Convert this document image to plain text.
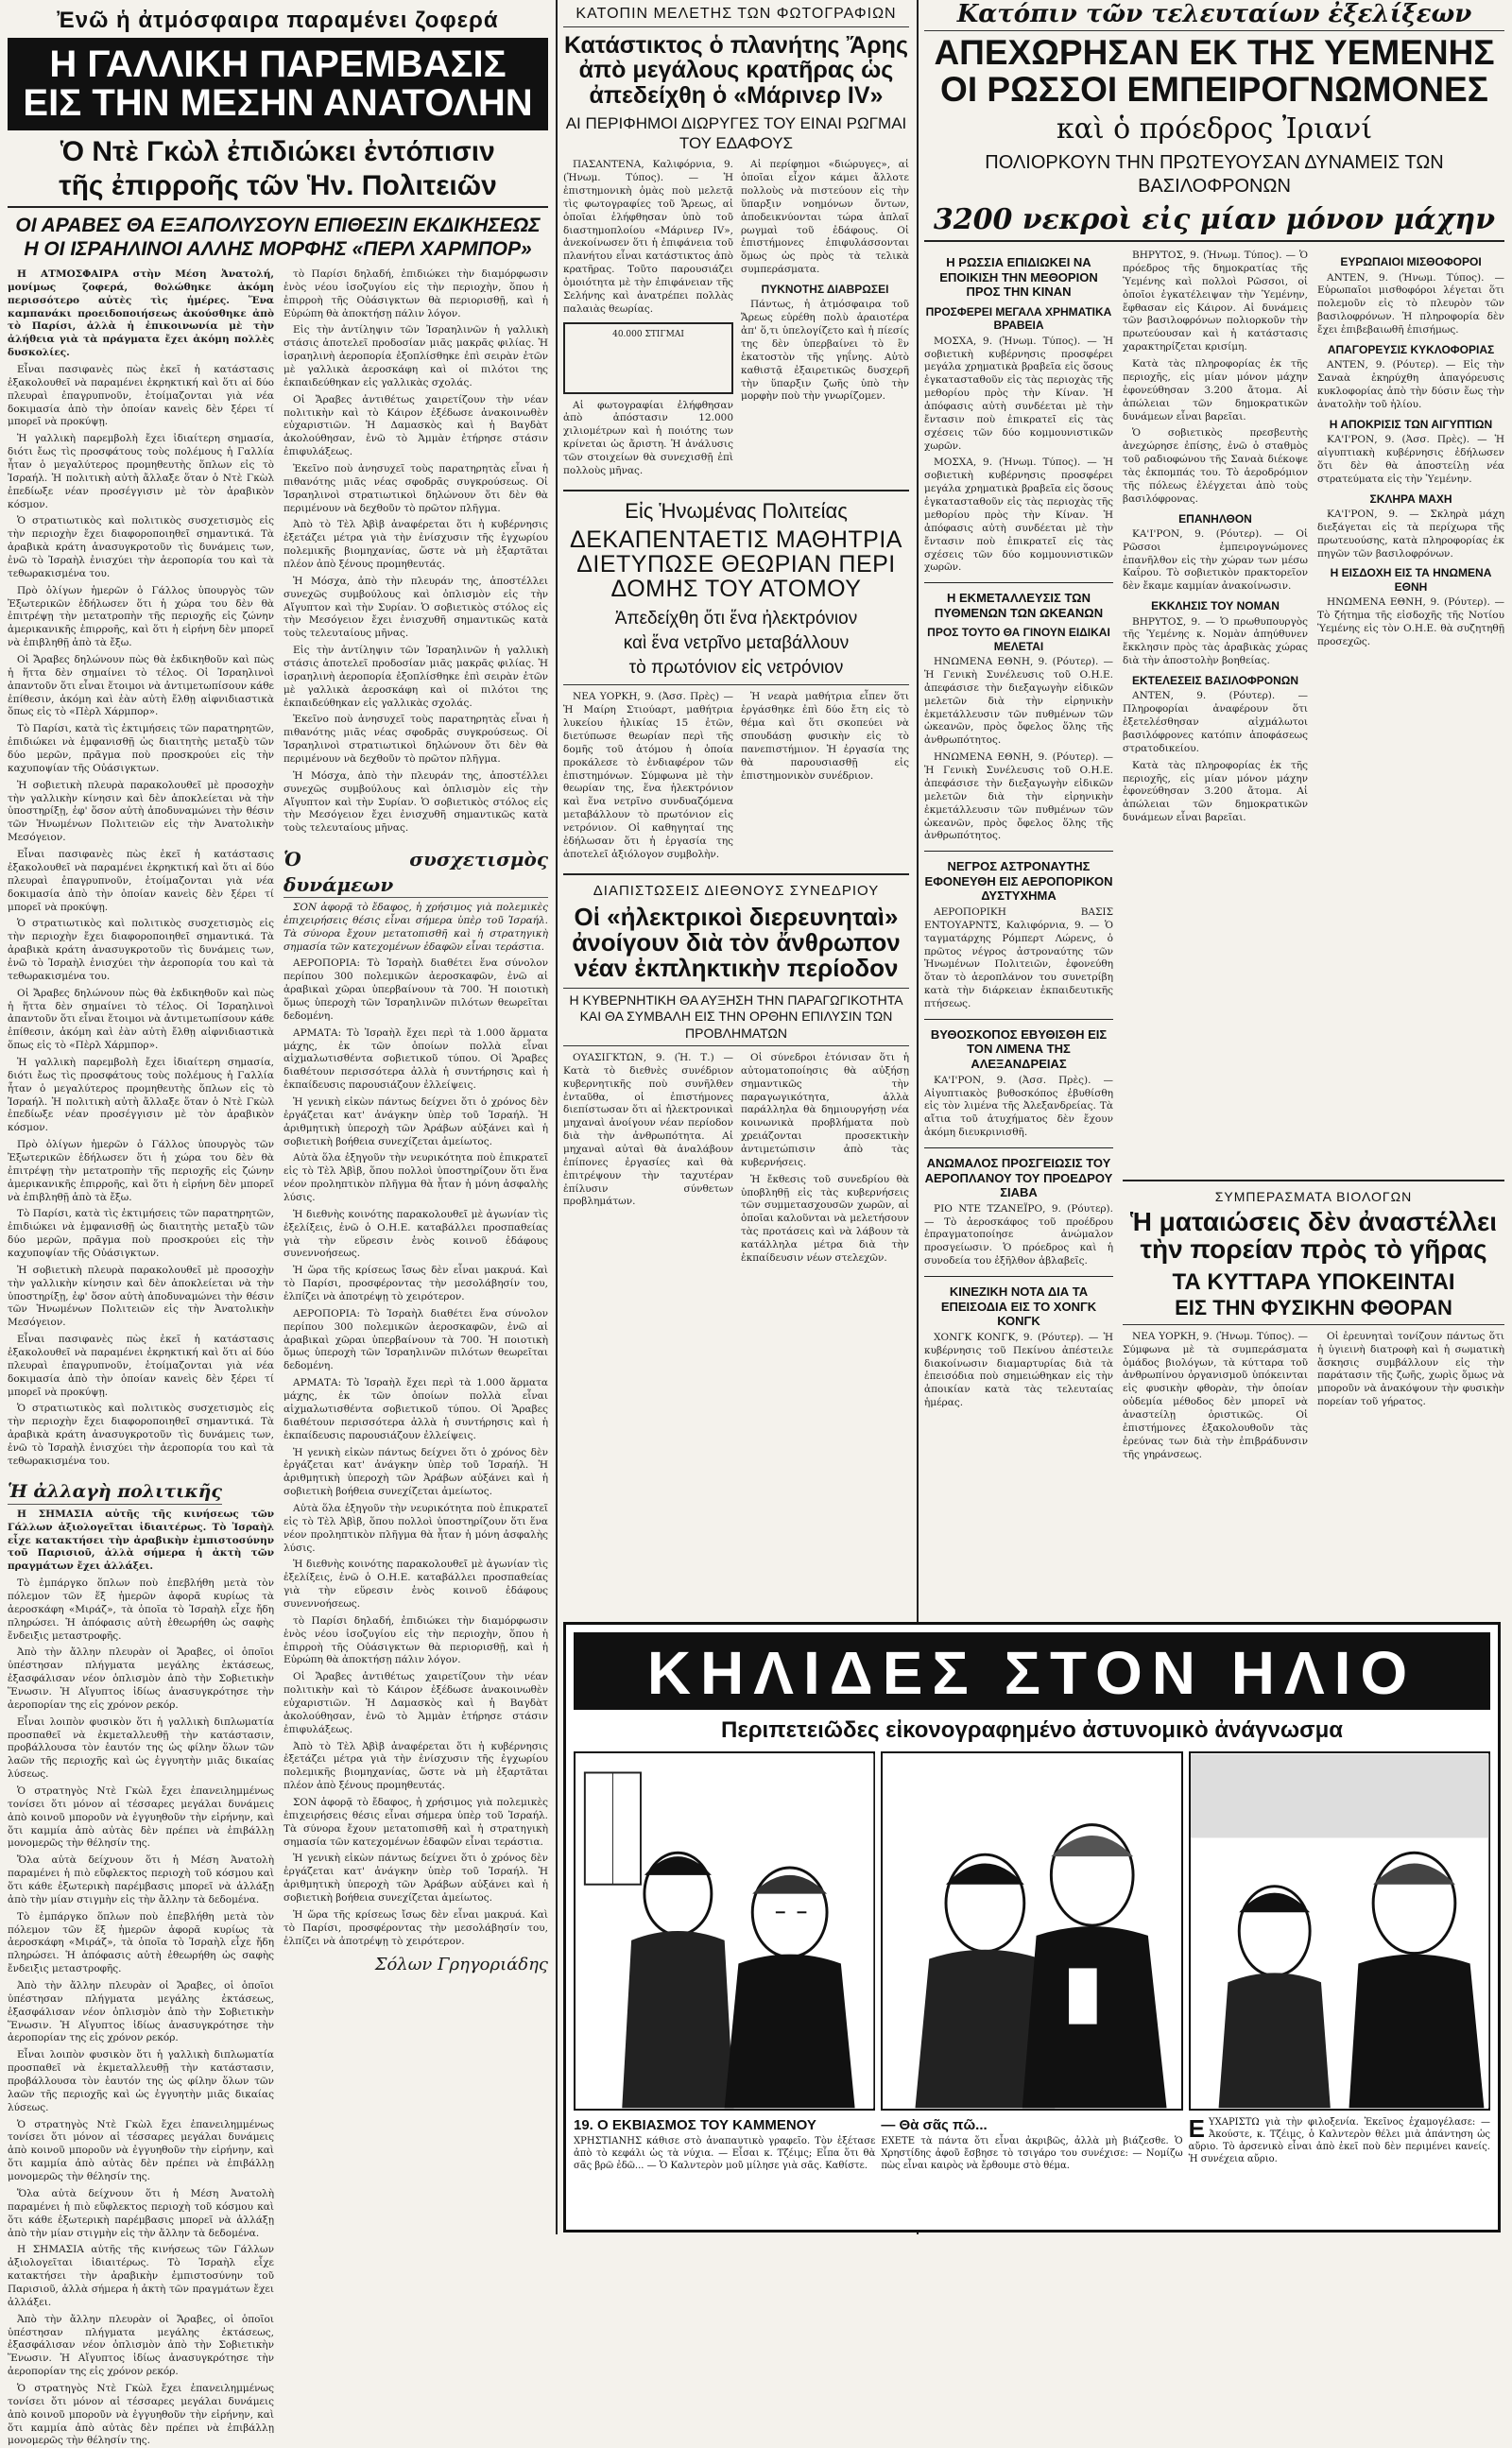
Ἐνῶ ἡ ἀτμόσφαιρα παραμένει ζοφερά
Η ΓΑΛΛΙΚΗ ΠΑΡΕΜΒΑΣΙΣ
ΕΙΣ ΤΗΝ ΜΕΣΗΝ ΑΝΑΤΟΛΗΝ
Ὁ Ντὲ Γκὼλ ἐπιδιώκει ἐντόπισιν
τῆς ἐπιρροῆς τῶν Ἡν. Πολιτειῶν
ΟΙ ΑΡΑΒΕΣ ΘΑ ΕΞΑΠΟΛΥΣΟΥΝ ΕΠΙΘΕΣΙΝ ΕΚΔΙΚΗΣΕΩΣ Η ΟΙ ΙΣΡΑΗΛΙΝΟΙ ΑΛΛΗΣ ΜΟΡΦΗΣ «ΠΕΡΛ ΧΑΡΜΠΟΡ»

Η ΑΤΜΟΣΦΑΙΡΑ στὴν Μέση Ἀνατολή, μονίμως ζοφερά, θολώθηκε ἀκόμη περισσότερο αὐτὲς τὶς ἡμέρες. Ἕνα καμπανάκι προειδοποιήσεως ἀκούσθηκε ἀπὸ τὸ Παρίσι, ἀλλὰ ἡ ἐπικοινωνία μὲ τὴν ἀλήθεια γιὰ τὰ πράγματα ἔχει ἀκόμη πολλὲς δυσκολίες.

Εἶναι πασιφανὲς πὼς ἐκεῖ ἡ κατάστασις ἐξακολουθεῖ νὰ παραμένει ἐκρηκτική καὶ ὅτι αἱ δύο πλευραὶ ἐπαγρυπνοῦν, ἑτοίμαζονται γιὰ νέα δοκιμασία ἀπὸ τὴν ὁποίαν κανεὶς δὲν ξέρει τί μπορεῖ νὰ προκύψῃ.

Ἡ γαλλικὴ παρεμβολὴ ἔχει ἰδιαίτερη σημασία, διότι ἔως τὶς προσφάτους τοὺς πολέμους ἡ Γαλλία ἦταν ὁ μεγαλύτερος προμηθευτὴς ὅπλων εἰς τὸ Ἰσραήλ. Ἡ πολιτικὴ αὐτὴ ἄλλαξε ὅταν ὁ Ντὲ Γκὼλ ἐπεδίωξε νέαν προσέγγισιν μὲ τὸν ἀραβικὸν κόσμον.

Ὁ στρατιωτικὸς καὶ πολιτικὸς συσχετισμὸς εἰς τὴν περιοχὴν ἔχει διαφοροποιηθεῖ σημαντικά. Τὰ ἀραβικὰ κράτη ἀνασυγκροτοῦν τὶς δυνάμεις των, ἐνῶ τὸ Ἰσραὴλ ἐνισχύει τὴν ἀεροπορία του καὶ τὰ τεθωρακισμένα του.

Πρὸ ὀλίγων ἡμερῶν ὁ Γάλλος ὑπουργὸς τῶν Ἐξωτερικῶν ἐδήλωσεν ὅτι ἡ χώρα του δὲν θὰ ἐπιτρέψῃ τὴν μετατροπὴν τῆς περιοχῆς εἰς ζώνην ἀμερικανικῆς ἐπιρροῆς, καὶ ὅτι ἡ εἰρήνη δὲν μπορεῖ νὰ ἐπιβληθῇ ἀπὸ τὰ ἔξω.

Οἱ Ἄραβες δηλώνουν πὼς θὰ ἐκδικηθοῦν καὶ πὼς ἡ ἥττα δὲν σημαίνει τὸ τέλος. Οἱ Ἰσραηλινοὶ ἀπαντοῦν ὅτι εἶναι ἕτοιμοι νὰ ἀντιμετωπίσουν κάθε ἐπίθεσιν, ἀκόμη καὶ ἐὰν αὐτὴ ἔλθῃ αἰφνιδιαστικὰ ὅπως εἰς τὸ «Πὲρλ Χάρμπορ».

Τὸ Παρίσι, κατὰ τὶς ἐκτιμήσεις τῶν παρατηρητῶν, ἐπιδιώκει νὰ ἐμφανισθῇ ὡς διαιτητὴς μεταξὺ τῶν δύο μερῶν, πρᾶγμα ποὺ προσκρούει εἰς τὴν καχυποψίαν τῆς Οὐάσιγκτων.

Ἡ σοβιετικὴ πλευρὰ παρακολουθεῖ μὲ προσοχὴν τὴν γαλλικὴν κίνησιν καὶ δὲν ἀποκλείεται νὰ τὴν ὑποστηρίξῃ, ἐφ' ὅσον αὐτὴ ἀποδυναμώνει τὴν θέσιν τῶν Ἡνωμένων Πολιτειῶν εἰς τὴν Ἀνατολικὴν Μεσόγειον.

Εἶναι πασιφανὲς πὼς ἐκεῖ ἡ κατάστασις ἐξακολουθεῖ νὰ παραμένει ἐκρηκτική καὶ ὅτι αἱ δύο πλευραὶ ἐπαγρυπνοῦν, ἑτοίμαζονται γιὰ νέα δοκιμασία ἀπὸ τὴν ὁποίαν κανεὶς δὲν ξέρει τί μπορεῖ νὰ προκύψῃ.

Ὁ στρατιωτικὸς καὶ πολιτικὸς συσχετισμὸς εἰς τὴν περιοχὴν ἔχει διαφοροποιηθεῖ σημαντικά. Τὰ ἀραβικὰ κράτη ἀνασυγκροτοῦν τὶς δυνάμεις των, ἐνῶ τὸ Ἰσραὴλ ἐνισχύει τὴν ἀεροπορία του καὶ τὰ τεθωρακισμένα του.

Οἱ Ἄραβες δηλώνουν πὼς θὰ ἐκδικηθοῦν καὶ πὼς ἡ ἥττα δὲν σημαίνει τὸ τέλος. Οἱ Ἰσραηλινοὶ ἀπαντοῦν ὅτι εἶναι ἕτοιμοι νὰ ἀντιμετωπίσουν κάθε ἐπίθεσιν, ἀκόμη καὶ ἐὰν αὐτὴ ἔλθῃ αἰφνιδιαστικὰ ὅπως εἰς τὸ «Πὲρλ Χάρμπορ».

Ἡ γαλλικὴ παρεμβολὴ ἔχει ἰδιαίτερη σημασία, διότι ἔως τὶς προσφάτους τοὺς πολέμους ἡ Γαλλία ἦταν ὁ μεγαλύτερος προμηθευτὴς ὅπλων εἰς τὸ Ἰσραήλ. Ἡ πολιτικὴ αὐτὴ ἄλλαξε ὅταν ὁ Ντὲ Γκὼλ ἐπεδίωξε νέαν προσέγγισιν μὲ τὸν ἀραβικὸν κόσμον.

Πρὸ ὀλίγων ἡμερῶν ὁ Γάλλος ὑπουργὸς τῶν Ἐξωτερικῶν ἐδήλωσεν ὅτι ἡ χώρα του δὲν θὰ ἐπιτρέψῃ τὴν μετατροπὴν τῆς περιοχῆς εἰς ζώνην ἀμερικανικῆς ἐπιρροῆς, καὶ ὅτι ἡ εἰρήνη δὲν μπορεῖ νὰ ἐπιβληθῇ ἀπὸ τὰ ἔξω.

Τὸ Παρίσι, κατὰ τὶς ἐκτιμήσεις τῶν παρατηρητῶν, ἐπιδιώκει νὰ ἐμφανισθῇ ὡς διαιτητὴς μεταξὺ τῶν δύο μερῶν, πρᾶγμα ποὺ προσκρούει εἰς τὴν καχυποψίαν τῆς Οὐάσιγκτων.

Ἡ σοβιετικὴ πλευρὰ παρακολουθεῖ μὲ προσοχὴν τὴν γαλλικὴν κίνησιν καὶ δὲν ἀποκλείεται νὰ τὴν ὑποστηρίξῃ, ἐφ' ὅσον αὐτὴ ἀποδυναμώνει τὴν θέσιν τῶν Ἡνωμένων Πολιτειῶν εἰς τὴν Ἀνατολικὴν Μεσόγειον.

Εἶναι πασιφανὲς πὼς ἐκεῖ ἡ κατάστασις ἐξακολουθεῖ νὰ παραμένει ἐκρηκτική καὶ ὅτι αἱ δύο πλευραὶ ἐπαγρυπνοῦν, ἑτοίμαζονται γιὰ νέα δοκιμασία ἀπὸ τὴν ὁποίαν κανεὶς δὲν ξέρει τί μπορεῖ νὰ προκύψῃ.

Ὁ στρατιωτικὸς καὶ πολιτικὸς συσχετισμὸς εἰς τὴν περιοχὴν ἔχει διαφοροποιηθεῖ σημαντικά. Τὰ ἀραβικὰ κράτη ἀνασυγκροτοῦν τὶς δυνάμεις των, ἐνῶ τὸ Ἰσραὴλ ἐνισχύει τὴν ἀεροπορία του καὶ τὰ τεθωρακισμένα του.

Ἡ ἀλλαγὴ πολιτικῆς

Η ΣΗΜΑΣΙΑ αὐτῆς τῆς κινήσεως τῶν Γάλλων ἀξιολογεῖται ἰδιαιτέρως. Τὸ Ἰσραὴλ εἶχε κατακτήσει τὴν ἀραβικὴν ἐμπιστοσύνην τοῦ Παρισιοῦ, ἀλλὰ σήμερα ἡ ἀκτὴ τῶν πραγμάτων ἔχει ἀλλάξει.

Τὸ ἐμπάργκο ὅπλων ποὺ ἐπεβλήθη μετὰ τὸν πόλεμον τῶν ἕξ ἡμερῶν ἀφορᾶ κυρίως τὰ ἀεροσκάφη «Μιράζ», τὰ ὁποῖα τὸ Ἰσραὴλ εἶχε ἤδη πληρώσει. Ἡ ἀπόφασις αὐτὴ ἐθεωρήθη ὡς σαφὴς ἔνδειξις μεταστροφῆς.

Ἀπὸ τὴν ἄλλην πλευρὰν οἱ Ἄραβες, οἱ ὁποῖοι ὑπέστησαν πλήγματα μεγάλης ἐκτάσεως, ἐξασφάλισαν νέον ὁπλισμὸν ἀπὸ τὴν Σοβιετικὴν Ἕνωσιν. Ἡ Αἴγυπτος ἰδίως ἀνασυγκρότησε τὴν ἀεροπορίαν της εἰς χρόνον ρεκόρ.

Εἶναι λοιπὸν φυσικὸν ὅτι ἡ γαλλικὴ διπλωματία προσπαθεῖ νὰ ἐκμεταλλευθῇ τὴν κατάστασιν, προβάλλουσα τὸν ἑαυτόν της ὡς φίλην ὅλων τῶν λαῶν τῆς περιοχῆς καὶ ὡς ἐγγυητὴν μιᾶς δικαίας λύσεως.

Ὁ στρατηγὸς Ντὲ Γκὼλ ἔχει ἐπανειλημμένως τονίσει ὅτι μόνον αἱ τέσσαρες μεγάλαι δυνάμεις ἀπὸ κοινοῦ μποροῦν νὰ ἐγγυηθοῦν τὴν εἰρήνην, καὶ ὅτι καμμία ἀπὸ αὐτὰς δὲν πρέπει νὰ ἐπιβάλλῃ μονομερῶς τὴν θέλησίν της.

Ὅλα αὐτὰ δείχνουν ὅτι ἡ Μέση Ἀνατολὴ παραμένει ἡ πιὸ εὔφλεκτος περιοχὴ τοῦ κόσμου καὶ ὅτι κάθε ἐξωτερικὴ παρέμβασις μπορεῖ νὰ ἀλλάξῃ ἀπὸ τὴν μίαν στιγμὴν εἰς τὴν ἄλλην τὰ δεδομένα.

Τὸ ἐμπάργκο ὅπλων ποὺ ἐπεβλήθη μετὰ τὸν πόλεμον τῶν ἕξ ἡμερῶν ἀφορᾶ κυρίως τὰ ἀεροσκάφη «Μιράζ», τὰ ὁποῖα τὸ Ἰσραὴλ εἶχε ἤδη πληρώσει. Ἡ ἀπόφασις αὐτὴ ἐθεωρήθη ὡς σαφὴς ἔνδειξις μεταστροφῆς.

Ἀπὸ τὴν ἄλλην πλευρὰν οἱ Ἄραβες, οἱ ὁποῖοι ὑπέστησαν πλήγματα μεγάλης ἐκτάσεως, ἐξασφάλισαν νέον ὁπλισμὸν ἀπὸ τὴν Σοβιετικὴν Ἕνωσιν. Ἡ Αἴγυπτος ἰδίως ἀνασυγκρότησε τὴν ἀεροπορίαν της εἰς χρόνον ρεκόρ.

Εἶναι λοιπὸν φυσικὸν ὅτι ἡ γαλλικὴ διπλωματία προσπαθεῖ νὰ ἐκμεταλλευθῇ τὴν κατάστασιν, προβάλλουσα τὸν ἑαυτόν της ὡς φίλην ὅλων τῶν λαῶν τῆς περιοχῆς καὶ ὡς ἐγγυητὴν μιᾶς δικαίας λύσεως.

Ὁ στρατηγὸς Ντὲ Γκὼλ ἔχει ἐπανειλημμένως τονίσει ὅτι μόνον αἱ τέσσαρες μεγάλαι δυνάμεις ἀπὸ κοινοῦ μποροῦν νὰ ἐγγυηθοῦν τὴν εἰρήνην, καὶ ὅτι καμμία ἀπὸ αὐτὰς δὲν πρέπει νὰ ἐπιβάλλῃ μονομερῶς τὴν θέλησίν της.

Ὅλα αὐτὰ δείχνουν ὅτι ἡ Μέση Ἀνατολὴ παραμένει ἡ πιὸ εὔφλεκτος περιοχὴ τοῦ κόσμου καὶ ὅτι κάθε ἐξωτερικὴ παρέμβασις μπορεῖ νὰ ἀλλάξῃ ἀπὸ τὴν μίαν στιγμὴν εἰς τὴν ἄλλην τὰ δεδομένα.

Η ΣΗΜΑΣΙΑ αὐτῆς τῆς κινήσεως τῶν Γάλλων ἀξιολογεῖται ἰδιαιτέρως. Τὸ Ἰσραὴλ εἶχε κατακτήσει τὴν ἀραβικὴν ἐμπιστοσύνην τοῦ Παρισιοῦ, ἀλλὰ σήμερα ἡ ἀκτὴ τῶν πραγμάτων ἔχει ἀλλάξει.

Ἀπὸ τὴν ἄλλην πλευρὰν οἱ Ἄραβες, οἱ ὁποῖοι ὑπέστησαν πλήγματα μεγάλης ἐκτάσεως, ἐξασφάλισαν νέον ὁπλισμὸν ἀπὸ τὴν Σοβιετικὴν Ἕνωσιν. Ἡ Αἴγυπτος ἰδίως ἀνασυγκρότησε τὴν ἀεροπορίαν της εἰς χρόνον ρεκόρ.

Ὁ στρατηγὸς Ντὲ Γκὼλ ἔχει ἐπανειλημμένως τονίσει ὅτι μόνον αἱ τέσσαρες μεγάλαι δυνάμεις ἀπὸ κοινοῦ μποροῦν νὰ ἐγγυηθοῦν τὴν εἰρήνην, καὶ ὅτι καμμία ἀπὸ αὐτὰς δὲν πρέπει νὰ ἐπιβάλλῃ μονομερῶς τὴν θέλησίν της.

τὸ Παρίσι δηλαδή, ἐπιδιώκει τὴν διαμόρφωσιν ἑνὸς νέου ἰσοζυγίου εἰς τὴν περιοχὴν, ὅπου ἡ ἐπιρροὴ τῆς Οὐάσιγκτων θὰ περιορισθῇ, καὶ ἡ Εὐρώπη θὰ ἀποκτήσῃ πάλιν λόγον.

Εἰς τὴν ἀντίληψιν τῶν Ἰσραηλινῶν ἡ γαλλικὴ στάσις ἀποτελεῖ προδοσίαν μιᾶς μακρᾶς φιλίας. Ἡ ἰσραηλινὴ ἀεροπορία ἐξοπλίσθηκε ἐπὶ σειρὰν ἐτῶν μὲ γαλλικὰ ἀεροσκάφη καὶ οἱ πιλότοι της ἐκπαιδεύθηκαν εἰς γαλλικὰς σχολάς.

Οἱ Ἄραβες ἀντιθέτως χαιρετίζουν τὴν νέαν πολιτικὴν καὶ τὸ Κάιρον ἐξέδωσε ἀνακοινωθὲν εὐχαριστιῶν. Ἡ Δαμασκὸς καὶ ἡ Βαγδὰτ ἀκολούθησαν, ἐνῶ τὸ Ἀμμὰν ἐτήρησε στάσιν ἐπιφυλάξεως.

Ἐκεῖνο ποὺ ἀνησυχεῖ τοὺς παρατηρητὰς εἶναι ἡ πιθανότης μιᾶς νέας σφοδρᾶς συγκρούσεως. Οἱ Ἰσραηλινοὶ στρατιωτικοὶ δηλώνουν ὅτι δὲν θὰ περιμένουν νὰ δεχθοῦν τὸ πρῶτον πλῆγμα.

Ἀπὸ τὸ Τὲλ Ἀβὶβ ἀναφέρεται ὅτι ἡ κυβέρνησις ἐξετάζει μέτρα γιὰ τὴν ἐνίσχυσιν τῆς ἐγχωρίου πολεμικῆς βιομηχανίας, ὥστε νὰ μὴ ἐξαρτᾶται πλέον ἀπὸ ξένους προμηθευτάς.

Ἡ Μόσχα, ἀπὸ τὴν πλευράν της, ἀποστέλλει συνεχῶς συμβούλους καὶ ὁπλισμὸν εἰς τὴν Αἴγυπτον καὶ τὴν Συρίαν. Ὁ σοβιετικὸς στόλος εἰς τὴν Μεσόγειον ἔχει ἐνισχυθῆ σημαντικῶς κατὰ τοὺς τελευταίους μῆνας.

Εἰς τὴν ἀντίληψιν τῶν Ἰσραηλινῶν ἡ γαλλικὴ στάσις ἀποτελεῖ προδοσίαν μιᾶς μακρᾶς φιλίας. Ἡ ἰσραηλινὴ ἀεροπορία ἐξοπλίσθηκε ἐπὶ σειρὰν ἐτῶν μὲ γαλλικὰ ἀεροσκάφη καὶ οἱ πιλότοι της ἐκπαιδεύθηκαν εἰς γαλλικὰς σχολάς.

Ἐκεῖνο ποὺ ἀνησυχεῖ τοὺς παρατηρητὰς εἶναι ἡ πιθανότης μιᾶς νέας σφοδρᾶς συγκρούσεως. Οἱ Ἰσραηλινοὶ στρατιωτικοὶ δηλώνουν ὅτι δὲν θὰ περιμένουν νὰ δεχθοῦν τὸ πρῶτον πλῆγμα.

Ἡ Μόσχα, ἀπὸ τὴν πλευράν της, ἀποστέλλει συνεχῶς συμβούλους καὶ ὁπλισμὸν εἰς τὴν Αἴγυπτον καὶ τὴν Συρίαν. Ὁ σοβιετικὸς στόλος εἰς τὴν Μεσόγειον ἔχει ἐνισχυθῆ σημαντικῶς κατὰ τοὺς τελευταίους μῆνας.

Ὁ συσχετισμὸς δυνάμεων

ΣΟΝ ἀφορᾷ τὸ ἔδαφος, ἡ χρήσιμος γιὰ πολεμικὲς ἐπιχειρήσεις θέσις εἶναι σήμερα ὑπὲρ τοῦ Ἰσραήλ. Τὰ σύνορα ἔχουν μετατοπισθῆ καὶ ἡ στρατηγικὴ σημασία τῶν κατεχομένων ἐδαφῶν εἶναι τεράστια.

ΑΕΡΟΠΟΡΙΑ: Τὸ Ἰσραὴλ διαθέτει ἕνα σύνολον περίπου 300 πολεμικῶν ἀεροσκαφῶν, ἐνῶ αἱ ἀραβικαὶ χῶραι ὑπερβαίνουν τὰ 700. Ἡ ποιοτικὴ ὅμως ὑπεροχὴ τῶν Ἰσραηλινῶν πιλότων θεωρεῖται δεδομένη.

ΑΡΜΑΤΑ: Τὸ Ἰσραὴλ ἔχει περὶ τὰ 1.000 ἅρματα μάχης, ἐκ τῶν ὁποίων πολλὰ εἶναι αἰχμαλωτισθέντα σοβιετικοῦ τύπου. Οἱ Ἄραβες διαθέτουν περισσότερα ἀλλὰ ἡ συντήρησις καὶ ἡ ἐκπαίδευσις παρουσιάζουν ἐλλείψεις.

Ἡ γενικὴ εἰκὼν πάντως δείχνει ὅτι ὁ χρόνος δὲν ἐργάζεται κατ' ἀνάγκην ὑπὲρ τοῦ Ἰσραήλ. Ἡ ἀριθμητικὴ ὑπεροχὴ τῶν Ἀράβων αὐξάνει καὶ ἡ σοβιετικὴ βοήθεια συνεχίζεται ἀμείωτος.

Αὐτὰ ὅλα ἐξηγοῦν τὴν νευρικότητα ποὺ ἐπικρατεῖ εἰς τὸ Τὲλ Ἀβὶβ, ὅπου πολλοὶ ὑποστηρίζουν ὅτι ἕνα νέον προληπτικὸν πλῆγμα θὰ ἦταν ἡ μόνη ἀσφαλὴς λύσις.

Ἡ διεθνὴς κοινότης παρακολουθεῖ μὲ ἀγωνίαν τὶς ἐξελίξεις, ἐνῶ ὁ Ο.Η.Ε. καταβάλλει προσπαθείας γιὰ τὴν εὕρεσιν ἑνὸς κοινοῦ ἐδάφους συνεννοήσεως.

Ἡ ὥρα τῆς κρίσεως ἴσως δὲν εἶναι μακρυά. Καὶ τὸ Παρίσι, προσφέροντας τὴν μεσολάβησίν του, ἐλπίζει νὰ ἀποτρέψῃ τὸ χειρότερον.

ΑΕΡΟΠΟΡΙΑ: Τὸ Ἰσραὴλ διαθέτει ἕνα σύνολον περίπου 300 πολεμικῶν ἀεροσκαφῶν, ἐνῶ αἱ ἀραβικαὶ χῶραι ὑπερβαίνουν τὰ 700. Ἡ ποιοτικὴ ὅμως ὑπεροχὴ τῶν Ἰσραηλινῶν πιλότων θεωρεῖται δεδομένη.

ΑΡΜΑΤΑ: Τὸ Ἰσραὴλ ἔχει περὶ τὰ 1.000 ἅρματα μάχης, ἐκ τῶν ὁποίων πολλὰ εἶναι αἰχμαλωτισθέντα σοβιετικοῦ τύπου. Οἱ Ἄραβες διαθέτουν περισσότερα ἀλλὰ ἡ συντήρησις καὶ ἡ ἐκπαίδευσις παρουσιάζουν ἐλλείψεις.

Ἡ γενικὴ εἰκὼν πάντως δείχνει ὅτι ὁ χρόνος δὲν ἐργάζεται κατ' ἀνάγκην ὑπὲρ τοῦ Ἰσραήλ. Ἡ ἀριθμητικὴ ὑπεροχὴ τῶν Ἀράβων αὐξάνει καὶ ἡ σοβιετικὴ βοήθεια συνεχίζεται ἀμείωτος.

Αὐτὰ ὅλα ἐξηγοῦν τὴν νευρικότητα ποὺ ἐπικρατεῖ εἰς τὸ Τὲλ Ἀβὶβ, ὅπου πολλοὶ ὑποστηρίζουν ὅτι ἕνα νέον προληπτικὸν πλῆγμα θὰ ἦταν ἡ μόνη ἀσφαλὴς λύσις.

Ἡ διεθνὴς κοινότης παρακολουθεῖ μὲ ἀγωνίαν τὶς ἐξελίξεις, ἐνῶ ὁ Ο.Η.Ε. καταβάλλει προσπαθείας γιὰ τὴν εὕρεσιν ἑνὸς κοινοῦ ἐδάφους συνεννοήσεως.

τὸ Παρίσι δηλαδή, ἐπιδιώκει τὴν διαμόρφωσιν ἑνὸς νέου ἰσοζυγίου εἰς τὴν περιοχὴν, ὅπου ἡ ἐπιρροὴ τῆς Οὐάσιγκτων θὰ περιορισθῇ, καὶ ἡ Εὐρώπη θὰ ἀποκτήσῃ πάλιν λόγον.

Οἱ Ἄραβες ἀντιθέτως χαιρετίζουν τὴν νέαν πολιτικὴν καὶ τὸ Κάιρον ἐξέδωσε ἀνακοινωθὲν εὐχαριστιῶν. Ἡ Δαμασκὸς καὶ ἡ Βαγδὰτ ἀκολούθησαν, ἐνῶ τὸ Ἀμμὰν ἐτήρησε στάσιν ἐπιφυλάξεως.

Ἀπὸ τὸ Τὲλ Ἀβὶβ ἀναφέρεται ὅτι ἡ κυβέρνησις ἐξετάζει μέτρα γιὰ τὴν ἐνίσχυσιν τῆς ἐγχωρίου πολεμικῆς βιομηχανίας, ὥστε νὰ μὴ ἐξαρτᾶται πλέον ἀπὸ ξένους προμηθευτάς.

ΣΟΝ ἀφορᾷ τὸ ἔδαφος, ἡ χρήσιμος γιὰ πολεμικὲς ἐπιχειρήσεις θέσις εἶναι σήμερα ὑπὲρ τοῦ Ἰσραήλ. Τὰ σύνορα ἔχουν μετατοπισθῆ καὶ ἡ στρατηγικὴ σημασία τῶν κατεχομένων ἐδαφῶν εἶναι τεράστια.

Ἡ γενικὴ εἰκὼν πάντως δείχνει ὅτι ὁ χρόνος δὲν ἐργάζεται κατ' ἀνάγκην ὑπὲρ τοῦ Ἰσραήλ. Ἡ ἀριθμητικὴ ὑπεροχὴ τῶν Ἀράβων αὐξάνει καὶ ἡ σοβιετικὴ βοήθεια συνεχίζεται ἀμείωτος.

Ἡ ὥρα τῆς κρίσεως ἴσως δὲν εἶναι μακρυά. Καὶ τὸ Παρίσι, προσφέροντας τὴν μεσολάβησίν του, ἐλπίζει νὰ ἀποτρέψῃ τὸ χειρότερον.

Σόλων Γρηγοριάδης
ΚΑΤΟΠΙΝ ΜΕΛΕΤΗΣ ΤΩΝ ΦΩΤΟΓΡΑΦΙΩΝ
Κατάστικτος ὁ πλανήτης Ἄρης ἀπὸ μεγάλους κρατῆρας ὡς ἀπεδείχθη ὁ «Μάρινερ IV»
ΑΙ ΠΕΡΙΦΗΜΟΙ ΔΙΩΡΥΓΕΣ ΤΟΥ ΕΙΝΑΙ ΡΩΓΜΑΙ ΤΟΥ ΕΔΑΦΟΥΣ

ΠΑΣΑΝΤΕΝΑ, Καλιφόρνια, 9. (Ἡνωμ. Τύπος). — Ἡ ἐπιστημονικὴ ὁμὰς ποὺ μελετᾷ τὶς φωτογραφίες τοῦ Ἄρεως, αἱ ὁποῖαι ἐλήφθησαν ὑπὸ τοῦ διαστημοπλοίου «Μάρινερ IV», ἀνεκοίνωσεν ὅτι ἡ ἐπιφάνεια τοῦ πλανήτου εἶναι κατάστικτος ἀπὸ κρατῆρας. Τοῦτο παρουσιάζει ὁμοιότητα μὲ τὴν ἐπιφάνειαν τῆς Σελήνης καὶ ἀνατρέπει πολλὰς παλαιὰς θεωρίας.

40.000 ΣΤΙΓΜΑΙ

Αἱ φωτογραφίαι ἐλήφθησαν ἀπὸ ἀπόστασιν 12.000 χιλιομέτρων καὶ ἡ ποιότης των κρίνεται ὡς ἄριστη. Ἡ ἀνάλυσις τῶν στοιχείων θὰ συνεχισθῇ ἐπὶ πολλοὺς μῆνας.

Αἱ περίφημοι «διώρυγες», αἱ ὁποῖαι εἶχον κάμει ἄλλοτε πολλοὺς νὰ πιστεύουν εἰς τὴν ὕπαρξιν νοημόνων ὄντων, ἀποδεικνύονται τώρα ἁπλαῖ ρωγμαὶ τοῦ ἐδάφους. Οἱ ἐπιστήμονες ἐπιφυλάσσονται ὅμως ὡς πρὸς τὰ τελικὰ συμπεράσματα.

ΠΥΚΝΟΤΗΣ ΔΙΑΒΡΩΣΕΙ

Πάντως, ἡ ἀτμόσφαιρα τοῦ Ἄρεως εὑρέθη πολὺ ἀραιοτέρα ἀπ' ὅ,τι ὑπελογίζετο καὶ ἡ πίεσίς της δὲν ὑπερβαίνει τὸ ἓν ἑκατοστὸν τῆς γηΐνης. Αὐτὸ καθιστᾷ ἐξαιρετικῶς δυσχερῆ τὴν ὕπαρξιν ζωῆς ὑπὸ τὴν μορφὴν ποὺ τὴν γνωρίζομεν.

Εἰς Ἡνωμένας Πολιτείας
ΔΕΚΑΠΕΝΤΑΕΤΙΣ ΜΑΘΗΤΡΙΑ ΔΙΕΤΥΠΩΣΕ ΘΕΩΡΙΑΝ ΠΕΡΙ ΔΟΜΗΣ ΤΟΥ ΑΤΟΜΟΥ
Ἀπεδείχθη ὅτι ἕνα ἠλεκτρόνιον
καὶ ἕνα νετρῖνο μεταβάλλουν
τὸ πρωτόνιον εἰς νετρόνιον

ΝΕΑ ΥΟΡΚΗ, 9. (Ἀσσ. Πρὲς) — Ἡ Μαίρη Στιούαρτ, μαθήτρια λυκείου ἡλικίας 15 ἐτῶν, διετύπωσε θεωρίαν περὶ τῆς δομῆς τοῦ ἀτόμου ἡ ὁποία προκάλεσε τὸ ἐνδιαφέρον τῶν ἐπιστημόνων. Σύμφωνα μὲ τὴν θεωρίαν της, ἕνα ἠλεκτρόνιον καὶ ἕνα νετρῖνο συνδυαζόμενα μεταβάλλουν τὸ πρωτόνιον εἰς νετρόνιον. Οἱ καθηγηταί της ἐδήλωσαν ὅτι ἡ ἐργασία της ἀποτελεῖ ἀξιόλογον συμβολὴν.

Ἡ νεαρὰ μαθήτρια εἶπεν ὅτι ἐργάσθηκε ἐπὶ δύο ἔτη εἰς τὸ θέμα καὶ ὅτι σκοπεύει νὰ σπουδάσῃ φυσικὴν εἰς τὸ πανεπιστήμιον. Ἡ ἐργασία της θὰ παρουσιασθῇ εἰς ἐπιστημονικὸν συνέδριον.

ΔΙΑΠΙΣΤΩΣΕΙΣ ΔΙΕΘΝΟΥΣ ΣΥΝΕΔΡΙΟΥ
Οἱ «ἠλεκτρικοὶ διερευνηταὶ» ἀνοίγουν διὰ τὸν ἄνθρωπον νέαν ἐκπληκτικὴν περίοδον
Η ΚΥΒΕΡΝΗΤΙΚΗ ΘΑ ΑΥΞΗΣΗ ΤΗΝ ΠΑΡΑΓΩΓΙΚΟΤΗΤΑ ΚΑΙ ΘΑ ΣΥΜΒΑΛΗ ΕΙΣ ΤΗΝ ΟΡΘΗΝ ΕΠΙΛΥΣΙΝ ΤΩΝ ΠΡΟΒΛΗΜΑΤΩΝ

ΟΥΑΣΙΓΚΤΩΝ, 9. (Ἠ. Τ.) — Κατὰ τὸ διεθνὲς συνέδριον κυβερνητικῆς ποὺ συνῆλθεν ἐνταῦθα, οἱ ἐπιστήμονες διεπίστωσαν ὅτι αἱ ἠλεκτρονικαὶ μηχαναὶ ἀνοίγουν νέαν περίοδον διὰ τὴν ἀνθρωπότητα. Αἱ μηχαναὶ αὐταὶ θὰ ἀναλάβουν ἐπίπονες ἐργασίες καὶ θὰ ἐπιτρέψουν τὴν ταχυτέραν ἐπίλυσιν σύνθετων προβλημάτων.

Οἱ σύνεδροι ἐτόνισαν ὅτι ἡ αὐτοματοποίησις θὰ αὐξήσῃ σημαντικῶς τὴν παραγωγικότητα, ἀλλὰ παράλληλα θὰ δημιουργήσῃ νέα κοινωνικὰ προβλήματα ποὺ χρειάζονται προσεκτικὴν ἀντιμετώπισιν ἀπὸ τὰς κυβερνήσεις.

Ἡ ἔκθεσις τοῦ συνεδρίου θὰ ὑποβληθῇ εἰς τὰς κυβερνήσεις τῶν συμμετασχουσῶν χωρῶν, αἱ ὁποῖαι καλοῦνται νὰ μελετήσουν τὰς προτάσεις καὶ νὰ λάβουν τὰ κατάλληλα μέτρα διὰ τὴν ἐκπαίδευσιν νέων στελεχῶν.

Κατόπιν τῶν τελευταίων ἐξελίξεων
ΑΠΕΧΩΡΗΣΑΝ ΕΚ ΤΗΣ ΥΕΜΕΝΗΣ
ΟΙ ΡΩΣΣΟΙ ΕΜΠΕΙΡΟΓΝΩΜΟΝΕΣ
καὶ ὁ πρόεδρος Ἰριανί
ΠΟΛΙΟΡΚΟΥΝ ΤΗΝ ΠΡΩΤΕΥΟΥΣΑΝ ΔΥΝΑΜΕΙΣ ΤΩΝ ΒΑΣΙΛΟΦΡΟΝΩΝ
3200 νεκροὶ εἰς μίαν μόνον μάχην
Η ΡΩΣΣΙΑ ΕΠΙΔΙΩΚΕΙ ΝΑ ΕΠΟΙΚΙΣΗ ΤΗΝ ΜΕΘΟΡΙΟΝ ΠΡΟΣ ΤΗΝ ΚΙΝΑΝ
ΠΡΟΣΦΕΡΕΙ ΜΕΓΑΛΑ ΧΡΗΜΑΤΙΚΑ ΒΡΑΒΕΙΑ

ΜΟΣΧΑ, 9. (Ἡνωμ. Τύπος). — Ἡ σοβιετικὴ κυβέρνησις προσφέρει μεγάλα χρηματικὰ βραβεῖα εἰς ὅσους ἐγκατασταθοῦν εἰς τὰς περιοχὰς τῆς μεθορίου πρὸς τὴν Κίναν. Ἡ ἀπόφασις αὐτὴ συνδέεται μὲ τὴν ἔντασιν ποὺ ἐπικρατεῖ εἰς τὰς σχέσεις τῶν δύο κομμουνιστικῶν χωρῶν.

ΜΟΣΧΑ, 9. (Ἡνωμ. Τύπος). — Ἡ σοβιετικὴ κυβέρνησις προσφέρει μεγάλα χρηματικὰ βραβεῖα εἰς ὅσους ἐγκατασταθοῦν εἰς τὰς περιοχὰς τῆς μεθορίου πρὸς τὴν Κίναν. Ἡ ἀπόφασις αὐτὴ συνδέεται μὲ τὴν ἔντασιν ποὺ ἐπικρατεῖ εἰς τὰς σχέσεις τῶν δύο κομμουνιστικῶν χωρῶν.

Η ΕΚΜΕΤΑΛΛΕΥΣΙΣ ΤΩΝ ΠΥΘΜΕΝΩΝ ΤΩΝ ΩΚΕΑΝΩΝ
ΠΡΟΣ ΤΟΥΤΟ ΘΑ ΓΙΝΟΥΝ ΕΙΔΙΚΑΙ ΜΕΛΕΤΑΙ

ΗΝΩΜΕΝΑ ΕΘΝΗ, 9. (Ρόυτερ). — Ἡ Γενικὴ Συνέλευσις τοῦ Ο.Η.Ε. ἀπεφάσισε τὴν διεξαγωγὴν εἰδικῶν μελετῶν διὰ τὴν εἰρηνικὴν ἐκμετάλλευσιν τῶν πυθμένων τῶν ὠκεανῶν, πρὸς ὄφελος ὅλης τῆς ἀνθρωπότητος.

ΗΝΩΜΕΝΑ ΕΘΝΗ, 9. (Ρόυτερ). — Ἡ Γενικὴ Συνέλευσις τοῦ Ο.Η.Ε. ἀπεφάσισε τὴν διεξαγωγὴν εἰδικῶν μελετῶν διὰ τὴν εἰρηνικὴν ἐκμετάλλευσιν τῶν πυθμένων τῶν ὠκεανῶν, πρὸς ὄφελος ὅλης τῆς ἀνθρωπότητος.

ΝΕΓΡΟΣ ΑΣΤΡΟΝΑΥΤΗΣ ΕΦΟΝΕΥΘΗ ΕΙΣ ΑΕΡΟΠΟΡΙΚΟΝ ΔΥΣΤΥΧΗΜΑ

ΑΕΡΟΠΟΡΙΚΗ ΒΑΣΙΣ ΕΝΤΟΥΑΡΝΤΣ, Καλιφόρνια, 9. — Ὁ ταγματάρχης Ρόμπερτ Λώρενς, ὁ πρῶτος νέγρος ἀστροναύτης τῶν Ἡνωμένων Πολιτειῶν, ἐφονεύθη ὅταν τὸ ἀεροπλάνον του συνετρίβη κατὰ τὴν διάρκειαν ἐκπαιδευτικῆς πτήσεως.

ΒΥΘΟΣΚΟΠΟΣ ΕΒΥΘΙΣΘΗ ΕΙΣ ΤΟΝ ΛΙΜΕΝΑ ΤΗΣ ΑΛΕΞΑΝΔΡΕΙΑΣ

ΚΑ'Ι'ΡΟΝ, 9. (Ἀσσ. Πρὲς). — Αἰγυπτιακὸς βυθοσκόπος ἐβυθίσθη εἰς τὸν λιμένα τῆς Ἀλεξανδρείας. Τὰ αἴτια τοῦ ἀτυχήματος δὲν ἔχουν ἀκόμη διευκρινισθῆ.

ΑΝΩΜΑΛΟΣ ΠΡΟΣΓΕΙΩΣΙΣ ΤΟΥ ΑΕΡΟΠΛΑΝΟΥ ΤΟΥ ΠΡΟΕΔΡΟΥ ΣΙΑΒΑ

ΡΙΟ ΝΤΕ ΤΖΑΝΕΪΡΟ, 9. (Ρόυτερ). — Τὸ ἀεροσκάφος τοῦ προέδρου ἐπραγματοποίησε ἀνώμαλον προσγείωσιν. Ὁ πρόεδρος καὶ ἡ συνοδεία του ἐξῆλθον ἀβλαβεῖς.

ΚΙΝΕΖΙΚΗ ΝΟΤΑ ΔΙΑ ΤΑ ΕΠΕΙΣΟΔΙΑ ΕΙΣ ΤΟ ΧΟΝΓΚ ΚΟΝΓΚ

ΧΟΝΓΚ ΚΟΝΓΚ, 9. (Ρόυτερ). — Ἡ κυβέρνησις τοῦ Πεκίνου ἀπέστειλε διακοίνωσιν διαμαρτυρίας διὰ τὰ ἐπεισόδια ποὺ σημειώθηκαν εἰς τὴν ἀποικίαν κατὰ τὰς τελευταίας ἡμέρας.

ΒΗΡΥΤΟΣ, 9. (Ἡνωμ. Τύπος). — Ὁ πρόεδρος τῆς δημοκρατίας τῆς Ὑεμένης καὶ πολλοὶ Ρῶσσοι, οἱ ὁποῖοι ἐγκατέλειψαν τὴν Ὑεμένην, ἔφθασαν εἰς Κάιρον. Αἱ δυνάμεις τῶν βασιλοφρόνων πολιορκοῦν τὴν πρωτεύουσαν καὶ ἡ κατάστασις χαρακτηρίζεται κρισίμη.

Κατὰ τὰς πληροφορίας ἐκ τῆς περιοχῆς, εἰς μίαν μόνον μάχην ἐφονεύθησαν 3.200 ἄτομα. Αἱ ἀπώλειαι τῶν δημοκρατικῶν δυνάμεων εἶναι βαρεῖαι.

Ὁ σοβιετικὸς πρεσβευτὴς ἀνεχώρησε ἐπίσης, ἐνῶ ὁ σταθμὸς τοῦ ραδιοφώνου τῆς Σαναὰ διέκοψε τὰς ἐκπομπάς του. Τὸ ἀεροδρόμιον τῆς πόλεως ἐλέγχεται ἀπὸ τοὺς βασιλόφρονας.

ΕΠΑΝΗΛΘΟΝ

ΚΑ'Ι'ΡΟΝ, 9. (Ρόυτερ). — Οἱ Ρῶσσοι ἐμπειρογνώμονες ἐπανῆλθον εἰς τὴν χώραν των μέσω Καΐρου. Τὸ σοβιετικὸν πρακτορεῖον δὲν ἔκαμε καμμίαν ἀνακοίνωσιν.

ΕΚΚΛΗΣΙΣ ΤΟΥ ΝΟΜΑΝ

ΒΗΡΥΤΟΣ, 9. — Ὁ πρωθυπουργὸς τῆς Ὑεμένης κ. Νομὰν ἀπηύθυνεν ἔκκλησιν πρὸς τὰς ἀραβικὰς χώρας διὰ τὴν ἀποστολὴν βοηθείας.

ΕΚΤΕΛΕΣΕΙΣ ΒΑΣΙΛΟΦΡΟΝΩΝ

ΑΝΤΕΝ, 9. (Ρόυτερ). — Πληροφορίαι ἀναφέρουν ὅτι ἐξετελέσθησαν αἰχμάλωτοι βασιλόφρονες κατόπιν ἀποφάσεως στρατοδικείου.

Κατὰ τὰς πληροφορίας ἐκ τῆς περιοχῆς, εἰς μίαν μόνον μάχην ἐφονεύθησαν 3.200 ἄτομα. Αἱ ἀπώλειαι τῶν δημοκρατικῶν δυνάμεων εἶναι βαρεῖαι.

ΕΥΡΩΠΑΙΟΙ ΜΙΣΘΟΦΟΡΟΙ

ΑΝΤΕΝ, 9. (Ἡνωμ. Τύπος). — Εὐρωπαῖοι μισθοφόροι λέγεται ὅτι πολεμοῦν εἰς τὸ πλευρὸν τῶν βασιλοφρόνων. Ἡ πληροφορία δὲν ἔχει ἐπιβεβαιωθῆ ἐπισήμως.

ΑΠΑΓΟΡΕΥΣΙΣ ΚΥΚΛΟΦΟΡΙΑΣ

ΑΝΤΕΝ, 9. (Ρόυτερ). — Εἰς τὴν Σαναὰ ἐκηρύχθη ἀπαγόρευσις κυκλοφορίας ἀπὸ τὴν δύσιν ἕως τὴν ἀνατολὴν τοῦ ἡλίου.

Η ΑΠΟΚΡΙΣΙΣ ΤΩΝ ΑΙΓΥΠΤΙΩΝ

ΚΑ'Ι'ΡΟΝ, 9. (Ἀσσ. Πρὲς). — Ἡ αἰγυπτιακὴ κυβέρνησις ἐδήλωσεν ὅτι δὲν θὰ ἀποστείλῃ νέα στρατεύματα εἰς τὴν Ὑεμένην.

ΣΚΛΗΡΑ ΜΑΧΗ

ΚΑ'Ι'ΡΟΝ, 9. — Σκληρὰ μάχη διεξάγεται εἰς τὰ περίχωρα τῆς πρωτευούσης, κατὰ πληροφορίας ἐκ πηγῶν τῶν βασιλοφρόνων.

Η ΕΙΣΔΟΧΗ ΕΙΣ ΤΑ ΗΝΩΜΕΝΑ ΕΘΝΗ

ΗΝΩΜΕΝΑ ΕΘΝΗ, 9. (Ρόυτερ). — Τὸ ζήτημα τῆς εἰσδοχῆς τῆς Νοτίου Ὑεμένης εἰς τὸν Ο.Η.Ε. θὰ συζητηθῇ προσεχῶς.

ΣΥΜΠΕΡΑΣΜΑΤΑ ΒΙΟΛΟΓΩΝ
Ἡ ματαιώσεις δὲν ἀναστέλλει τὴν πορείαν πρὸς τὸ γῆρας
ΤΑ ΚΥΤΤΑΡΑ ΥΠΟΚΕΙΝΤΑΙ
ΕΙΣ ΤΗΝ ΦΥΣΙΚΗΝ ΦΘΟΡΑΝ

ΝΕΑ ΥΟΡΚΗ, 9. (Ἡνωμ. Τύπος). — Σύμφωνα μὲ τὰ συμπεράσματα ὁμάδος βιολόγων, τὰ κύτταρα τοῦ ἀνθρωπίνου ὀργανισμοῦ ὑπόκεινται εἰς φυσικὴν φθορὰν, τὴν ὁποίαν οὐδεμία μέθοδος δὲν μπορεῖ νὰ ἀναστείλῃ ὁριστικῶς. Οἱ ἐπιστήμονες ἐξακολουθοῦν τὰς ἐρεύνας των διὰ τὴν ἐπιβράδυνσιν τῆς γηράνσεως.

Οἱ ἐρευνηταὶ τονίζουν πάντως ὅτι ἡ ὑγιεινὴ διατροφὴ καὶ ἡ σωματικὴ ἄσκησις συμβάλλουν εἰς τὴν παράτασιν τῆς ζωῆς, χωρὶς ὅμως νὰ μποροῦν νὰ ἀνακόψουν τὴν φυσικὴν πορείαν τοῦ γήρατος.

ΚΗΛΙΔΕΣ ΣΤΟΝ ΗΛΙΟ
Περιπετειῶδες εἰκονογραφημένο ἀστυνομικὸ ἀνάγνωσμα
19. Ο ΕΚΒΙΑΣΜΟΣ ΤΟΥ ΚΑΜΜΕΝΟΥ
ΧΡΗΣΤΙΑΝΗΣ κάθισε στὸ ἀναπαυτικὸ γραφεῖο. Τὸν ἐξέτασε ἀπὸ τὸ κεφάλι ὡς τὰ νύχια. — Εἶσαι κ. Τζέιμς; Εἶπα ὅτι θὰ σᾶς βρῶ ἐδῶ... — Ὁ Καλντερὸν μοῦ μίλησε γιὰ σᾶς. Καθίστε.
— Θὰ σᾶς πῶ...
ΕΧΕΤΕ τὰ πάντα ὅτι εἶναι ἀκριβῶς, ἀλλὰ μὴ βιάζεσθε. Ὁ Χρηστίδης ἀφοῦ ἔσβησε τὸ τσιγάρο του συνέχισε: — Νομίζω πὼς εἶναι καιρὸς νὰ ἔρθουμε στὸ θέμα.
Ε ΥΧΑΡΙΣΤΩ γιὰ τὴν φιλοξενία. Ἐκεῖνος ἐχαμογέλασε: — Ἀκούστε, κ. Τζέιμς, ὁ Καλντερὸν θέλει μιὰ ἀπάντηση ὡς αὔριο. Τὸ ἀρσενικὸ εἶναι ἀπὸ ἐκεῖ ποὺ δὲν περιμένει κανείς. Ἡ συνέχεια αὔριο.
